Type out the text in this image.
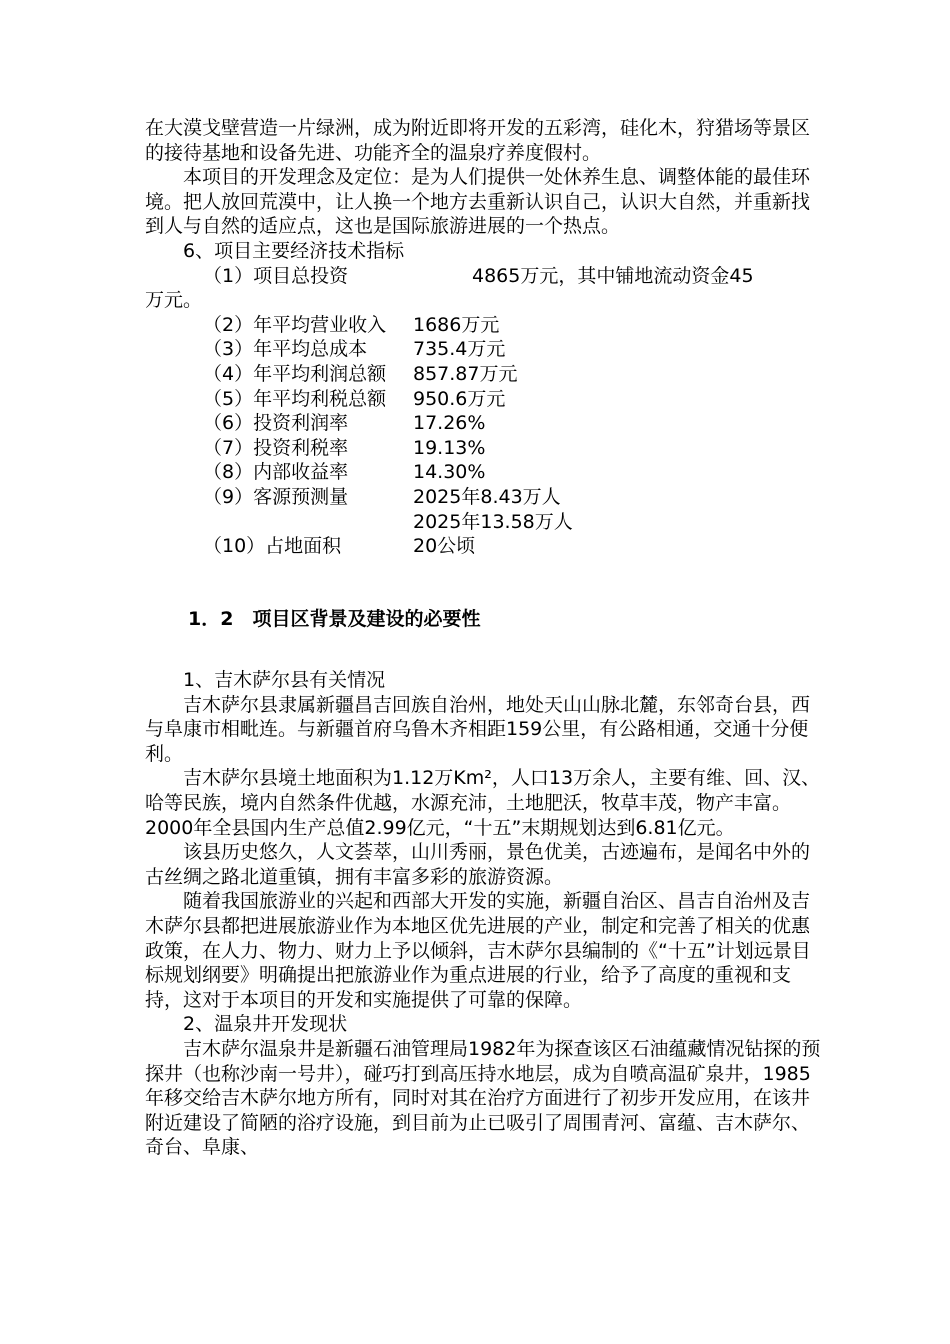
在大漠戈壁营造一片绿洲，成为附近即将开发的五彩湾，硅化木，狩猎场等景区的接待基地和设备先进、功能齐全的温泉疗养度假村。

本项目的开发理念及定位：是为人们提供一处休养生息、调整体能的最佳环境。把人放回荒漠中，让人换一个地方去重新认识自己，认识大自然，并重新找到人与自然的适应点，这也是国际旅游进展的一个热点。

6、项目主要经济技术指标

（1）项目总投资	4865万元，其中铺地流动资金45

万元。

（2）年平均营业收入	1686万元
（3）年平均总成本	735.4万元
（4）年平均利润总额	857.87万元
（5）年平均利税总额	950.6万元
（6）投资利润率	17.26%
（7）投资利税率	19.13%
（8）内部收益率	14.30%
（9）客源预测量	2025年8.43万人
2025年13.58万人
（10）占地面积	20公顷
1．2　项目区背景及建设的必要性

1、吉木萨尔县有关情况

吉木萨尔县隶属新疆昌吉回族自治州，地处天山山脉北麓，东邻奇台县，西与阜康市相毗连。与新疆首府乌鲁木齐相距159公里，有公路相通，交通十分便利。

吉木萨尔县境土地面积为1.12万Km²，人口13万余人，主要有维、回、汉、哈等民族，境内自然条件优越，水源充沛，土地肥沃，牧草丰茂，物产丰富。2000年全县国内生产总值2.99亿元，“十五”末期规划达到6.81亿元。

该县历史悠久，人文荟萃，山川秀丽，景色优美，古迹遍布，是闻名中外的古丝绸之路北道重镇，拥有丰富多彩的旅游资源。

随着我国旅游业的兴起和西部大开发的实施，新疆自治区、昌吉自治州及吉木萨尔县都把进展旅游业作为本地区优先进展的产业，制定和完善了相关的优惠政策，在人力、物力、财力上予以倾斜，吉木萨尔县编制的《“十五”计划远景目标规划纲要》明确提出把旅游业作为重点进展的行业，给予了高度的重视和支持，这对于本项目的开发和实施提供了可靠的保障。

2、温泉井开发现状

吉木萨尔温泉井是新疆石油管理局1982年为探查该区石油蕴藏情况钻探的预探井（也称沙南一号井），碰巧打到高压持水地层，成为自喷高温矿泉井，1985年移交给吉木萨尔地方所有，同时对其在治疗方面进行了初步开发应用，在该井附近建设了简陋的浴疗设施，到目前为止已吸引了周围青河、富蕴、吉木萨尔、奇台、阜康、
